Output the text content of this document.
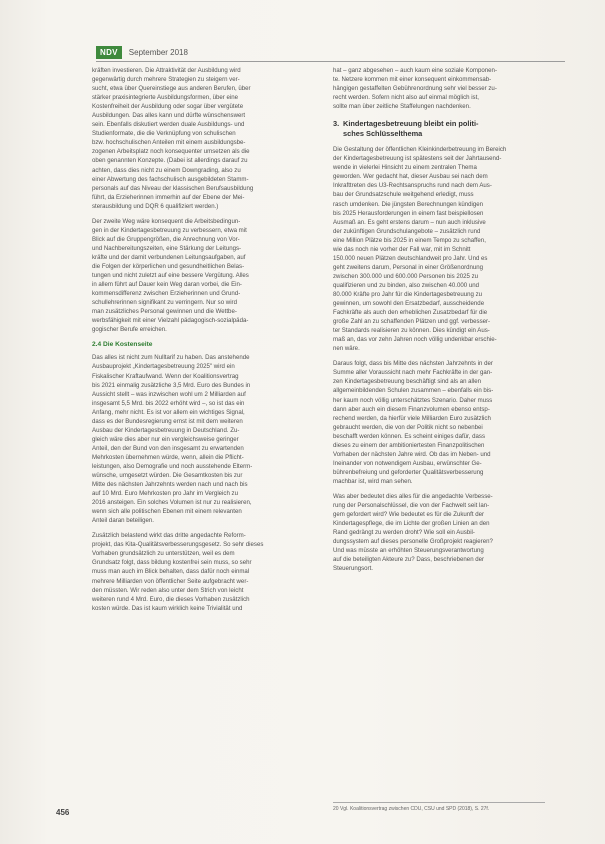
NDV	September 2018

kräften investieren. Die Attraktivität der Ausbildung wird
gegenwärtig durch mehrere Strategien zu steigern ver-
sucht, etwa über Quereinstiege aus anderen Berufen, über
stärker praxisintegrierte Ausbildungsformen, über eine
Kostenfreiheit der Ausbildung oder sogar über vergütete
Ausbildungen. Das alles kann und dürfte wünschenswert
sein. Ebenfalls diskutiert werden duale Ausbildungs- und
Studienformate, die die Verknüpfung von schulischen
bzw. hochschulischen Anteilen mit einem ausbildungsbe-
zogenen Arbeitsplatz noch konsequenter umsetzen als die
oben genannten Konzepte. (Dabei ist allerdings darauf zu
achten, dass dies nicht zu einem Downgrading, also zu
einer Abwertung des fachschulisch ausgebildeten Stamm-
personals auf das Niveau der klassischen Berufsausbildung
führt, da Erzieherinnen immerhin auf der Ebene der Mei-
sterausbildung und DQR 6 qualifiziert werden.)

Der zweite Weg wäre konsequent die Arbeitsbedingun-
gen in der Kindertagesbetreuung zu verbessern, etwa mit
Blick auf die Gruppengrößen, die Anrechnung von Vor-
und Nachbereitungszeiten, eine Stärkung der Leitungs-
kräfte und der damit verbundenen Leitungsaufgaben, auf
die Folgen der körperlichen und gesundheitlichen Belas-
tungen und nicht zuletzt auf eine bessere Vergütung. Alles
in allem führt auf Dauer kein Weg daran vorbei, die Ein-
kommensdifferenz zwischen Erzieherinnen und Grund-
schullehrerinnen signifikant zu verringern. Nur so wird
man zusätzliches Personal gewinnen und die Wettbe-
werbsfähigkeit mit einer Vielzahl pädagogisch-sozialpäda-
gogischer Berufe erreichen.

2.4 Die Kostenseite

Das alles ist nicht zum Nulltarif zu haben. Das anstehende
Ausbauprojekt „Kindertagesbetreuung 2025" wird ein
Fiskalischer Kraftaufwand. Wenn der Koalitionsvertrag
bis 2021 einmalig zusätzliche 3,5 Mrd. Euro des Bundes in
Aussicht stellt – was inzwischen wohl um 2 Milliarden auf
insgesamt 5,5 Mrd. bis 2022 erhöht wird –, so ist das ein
Anfang, mehr nicht. Es ist vor allem ein wichtiges Signal,
dass es der Bundesregierung ernst ist mit dem weiteren
Ausbau der Kindertagesbetreuung in Deutschland. Zu-
gleich wäre dies aber nur ein vergleichsweise geringer
Anteil, den der Bund von den insgesamt zu erwartenden
Mehrkosten übernehmen würde, wenn, allein die Pflicht-
leistungen, also Demografie und noch ausstehende Elterm-
wünsche, umgesetzt würden. Die Gesamtkosten bis zur
Mitte des nächsten Jahrzehnts werden nach und nach bis
auf 10 Mrd. Euro Mehrkosten pro Jahr im Vergleich zu
2016 ansteigen. Ein solches Volumen ist nur zu realisieren,
wenn sich alle politischen Ebenen mit einem relevanten
Anteil daran beteiligen.

Zusätzlich belastend wirkt das dritte angedachte Reform-
projekt, das Kita-Qualitätsverbesserungsgesetz. So sehr dieses
Vorhaben grundsätzlich zu unterstützen, weil es dem
Grundsatz folgt, dass bildung kostenfrei sein muss, so sehr
muss man auch im Blick behalten, dass dafür noch einmal
mehrere Milliarden von öffentlicher Seite aufgebracht wer-
den müssten. Wir reden also unter dem Strich von leicht
weiteren rund 4 Mrd. Euro, die dieses Vorhaben zusätzlich
kosten würde. Das ist kaum wirklich keine Trivialität und

hat – ganz abgesehen – auch kaum eine soziale Komponen-
te. Netzere kommen mit einer konsequent einkommensab-
hängigen gestaffelten Gebührenordnung sehr viel besser zu-
recht werden. Sofern nicht also auf einmal möglich ist,
sollte man über zeitliche Staffelungen nachdenken.

3. Kindertagesbetreuung bleibt ein politi-
sches Schlüsselthema

Die Gestaltung der öffentlichen Kleinkinderbetreuung im Bereich
der Kindertagesbetreuung ist spätestens seit der Jahrtausend-
wende in vielerlei Hinsicht zu einem zentralen Thema
geworden. Wer gedacht hat, dieser Ausbau sei nach dem
Inkrafttreten des U3-Rechtsanspruchs rund nach dem Aus-
bau der Grundsatzschule weitgehend erledigt, muss
rasch umdenken. Die jüngsten Berechnungen kündigen
bis 2025 Herausforderungen in einem fast beispiellosen
Ausmaß an. Es geht erstens darum – nun auch inklusive
der zukünftigen Grundschulangebote – zusätzlich rund
eine Million Plätze bis 2025 in einem Tempo zu schaffen,
wie das noch nie vorher der Fall war, mit im Schnitt
150.000 neuen Plätzen deutschlandweit pro Jahr. Und es
geht zweitens darum, Personal in einer Größenordnung
zwischen 300.000 und 600.000 Personen bis 2025 zu
qualifizieren und zu binden, also zwischen 40.000 und
80.000 Kräfte pro Jahr für die Kindertagesbetreuung zu
gewinnen, um sowohl den Ersatzbedarf, ausscheidende
Fachkräfte als auch den erheblichen Zusatzbedarf für die
große Zahl an zu schaffenden Plätzen und ggf. verbesser-
ter Standards realisieren zu können. Dies kündigt ein Aus-
maß an, das vor zehn Jahren noch völlig undenkbar erschie-
nen wäre.

Daraus folgt, dass bis Mitte des nächsten Jahrzehnts in der
Summe aller Voraussicht nach mehr Fachkräfte in der gan-
zen Kindertagesbetreuung beschäftigt sind als an allen
allgemeinbildenden Schulen zusammen – ebenfalls ein bis-
her kaum noch völlig unterschätztes Szenario. Daher muss
dann aber auch ein diesem Finanzvolumen ebenso entsp-
rechend werden, da hierfür viele Milliarden Euro zusätzlich
gebraucht werden, die von der Politik nicht so nebenbei
beschafft werden können. Es scheint einiges dafür, dass
dieses zu einem der ambitioniertesten Finanzpolitischen
Vorhaben der nächsten Jahre wird. Ob das im Neben- und
Ineinander von notwendigem Ausbau, erwünschter Ge-
bührenbefreiung und geforderter Qualitätsverbesserung
machbar ist, wird man sehen.

Was aber bedeutet dies alles für die angedachte Verbesse-
rung der Personalschlüssel, die von der Fachwelt seit lan-
gem gefordert wird? Wie bedeutet es für die Zukunft der
Kindertagespflege, die im Lichte der großen Linien an den
Rand gedrängt zu werden droht? Wie soll ein Ausbil-
dungssystem auf dieses personelle Großprojekt reagieren?
Und was müsste an erhöhten Steuerungsverantwortung
auf die beteiligten Akteure zu? Dass, beschriebenen der
Steuerungsort.

20 Vgl. Koalitionsvertrag zwischen CDU, CSU und SPD (2018), S. 27f.
456
